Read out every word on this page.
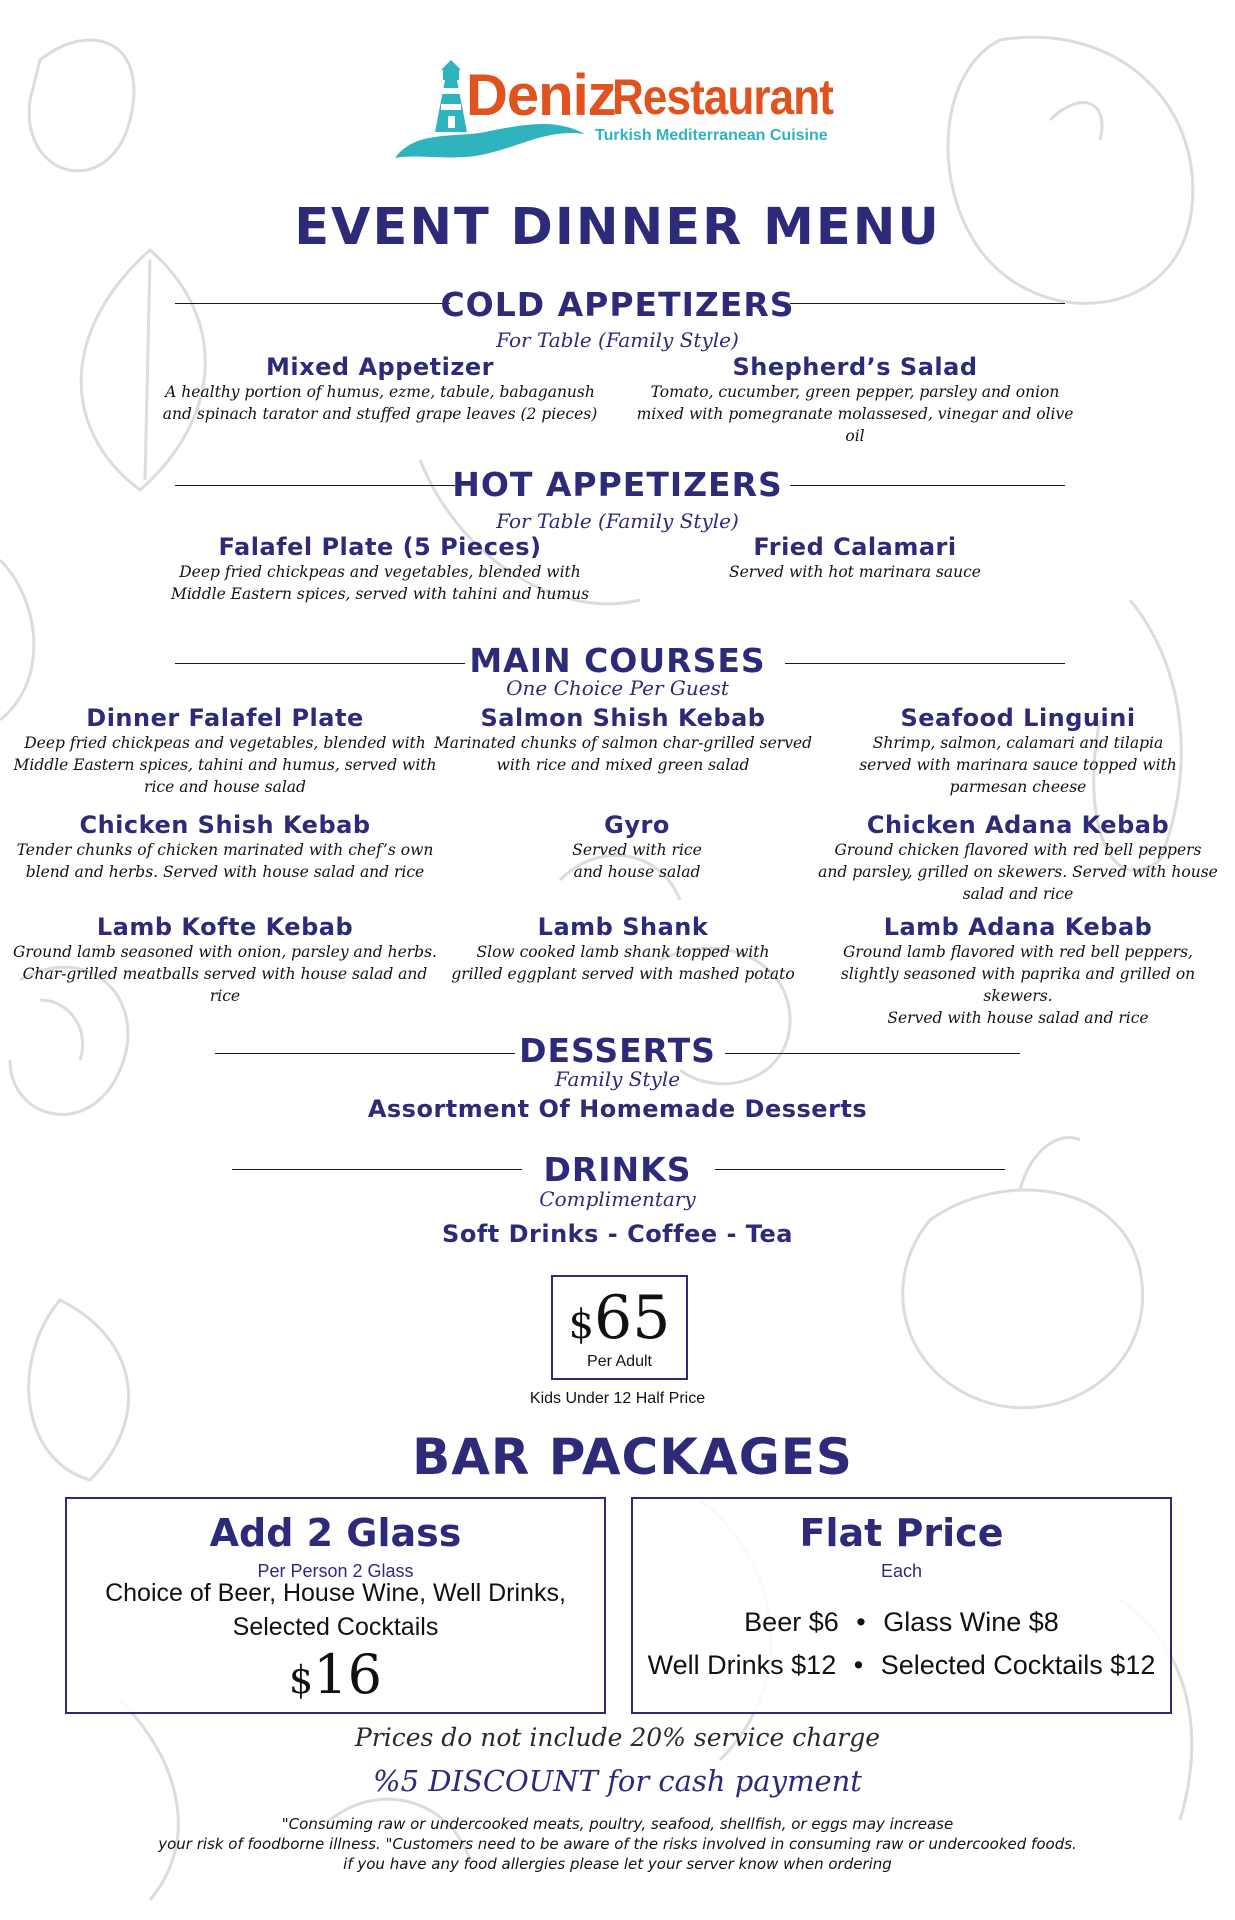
Deniz
Restaurant
Turkish Mediterranean Cuisine
EVENT DINNER MENU
COLD APPETIZERS
For Table (Family Style)
Mixed Appetizer
A healthy portion of humus, ezme, tabule, babaganush
and spinach tarator and stuffed grape leaves (2 pieces)
Shepherd’s Salad
Tomato, cucumber, green pepper, parsley and onion
mixed with pomegranate molassesed, vinegar and olive oil
HOT APPETIZERS
For Table (Family Style)
Falafel Plate (5 Pieces)
Deep fried chickpeas and vegetables, blended with
Middle Eastern spices, served with tahini and humus
Fried Calamari
Served with hot marinara sauce
MAIN COURSES
One Choice Per Guest
Dinner Falafel Plate
Deep fried chickpeas and vegetables, blended with
Middle Eastern spices, tahini and humus, served with
rice and house salad
Salmon Shish Kebab
Marinated chunks of salmon char-grilled served
with rice and mixed green salad
Seafood Linguini
Shrimp, salmon, calamari and tilapia
served with marinara sauce topped with
parmesan cheese
Chicken Shish Kebab
Tender chunks of chicken marinated with chef’s own
blend and herbs. Served with house salad and rice
Gyro
Served with rice
and house salad
Chicken Adana Kebab
Ground chicken flavored with red bell peppers
and parsley, grilled on skewers. Served with house
salad and rice
Lamb Kofte Kebab
Ground lamb seasoned with onion, parsley and herbs.
Char-grilled meatballs served with house salad and rice
Lamb Shank
Slow cooked lamb shank topped with
grilled eggplant served with mashed potato
Lamb Adana Kebab
Ground lamb flavored with red bell peppers,
slightly seasoned with paprika and grilled on skewers.
Served with house salad and rice
DESSERTS
Family Style
Assortment Of Homemade Desserts
DRINKS
Complimentary
Soft Drinks - Coffee - Tea
$65
Per Adult
Kids Under 12 Half Price
BAR PACKAGES
Add 2 Glass
Per Person 2 Glass
Choice of Beer, House Wine, Well Drinks,
Selected Cocktails
$16
Flat Price
Each
Beer $6 • Glass Wine $8
Well Drinks $12 • Selected Cocktails $12
Prices do not include 20% service charge
%5 DISCOUNT for cash payment
"Consuming raw or undercooked meats, poultry, seafood, shellfish, or eggs may increase
your risk of foodborne illness. "Customers need to be aware of the risks involved in consuming raw or undercooked foods.
if you have any food allergies please let your server know when ordering
